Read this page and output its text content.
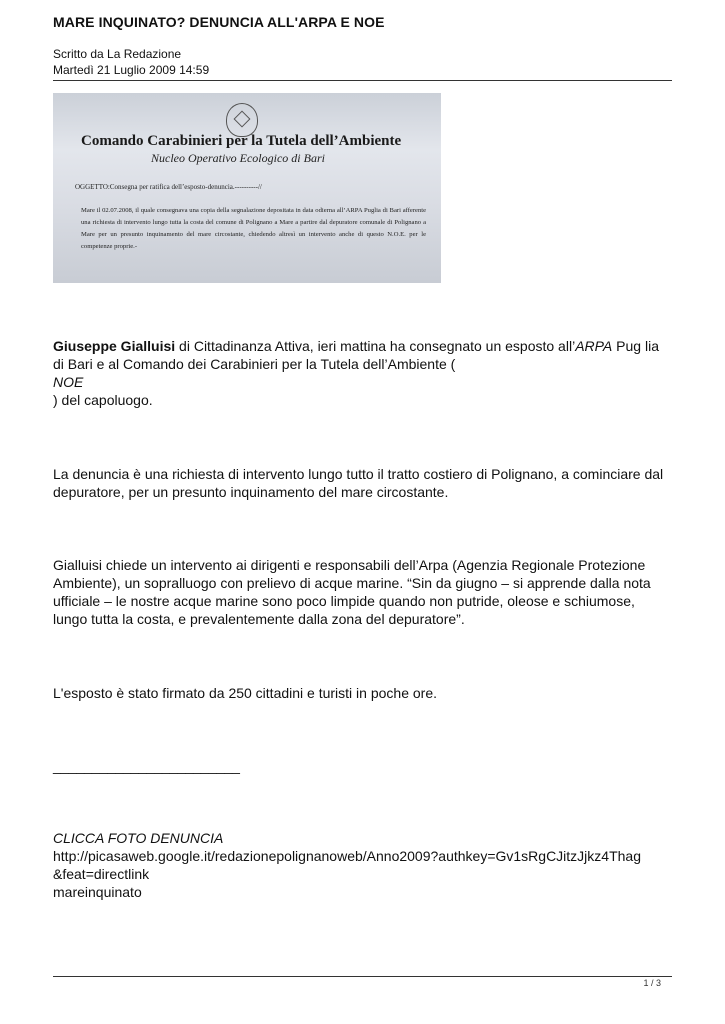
MARE INQUINATO? DENUNCIA ALL'ARPA E NOE
Scritto da La Redazione
Martedì 21 Luglio 2009 14:59
Comando Carabinieri per la Tutela dell’Ambiente
Nucleo Operativo Ecologico di Bari
OGGETTO:Consegna per ratifica dell’esposto-denuncia.----------//
Mare il 02.07.2008, il quale consegnava una copia della segnalazione depositata in data odierna all’ARPA Puglia di Bari afferente una richiesta di intervento lungo tutta la costa del comune di Polignano a Mare a partire dal depuratore comunale di Polignano a Mare per un presunto inquinamento del mare circostante, chiedendo altresì un intervento anche di questo N.O.E. per le competenze proprie.-
Giuseppe Gialluisi di Cittadinanza Attiva, ieri mattina ha consegnato un esposto all’ARPA Pug lia di Bari e al Comando dei Carabinieri per la Tutela dell’Ambiente (
NOE
) del capoluogo.
La denuncia è una richiesta di intervento lungo tutto il tratto costiero di Polignano, a cominciare dal depuratore, per un presunto inquinamento del mare circostante.
Gialluisi chiede un intervento ai dirigenti e responsabili dell’Arpa (Agenzia Regionale Protezione Ambiente), un sopralluogo con prelievo di acque marine. “Sin da giugno – si apprende dalla nota ufficiale – le nostre acque marine sono poco limpide quando non putride, oleose e schiumose, lungo tutta la costa, e prevalentemente dalla zona del depuratore”.
L'esposto è stato firmato da 250 cittadini e turisti in poche ore.
________________________
CLICCA FOTO DENUNCIA
http://picasaweb.google.it/redazionepolignanoweb/Anno2009?authkey=Gv1sRgCJitzJjkz4Thag
&feat=directlink
mareinquinato
1 / 3
